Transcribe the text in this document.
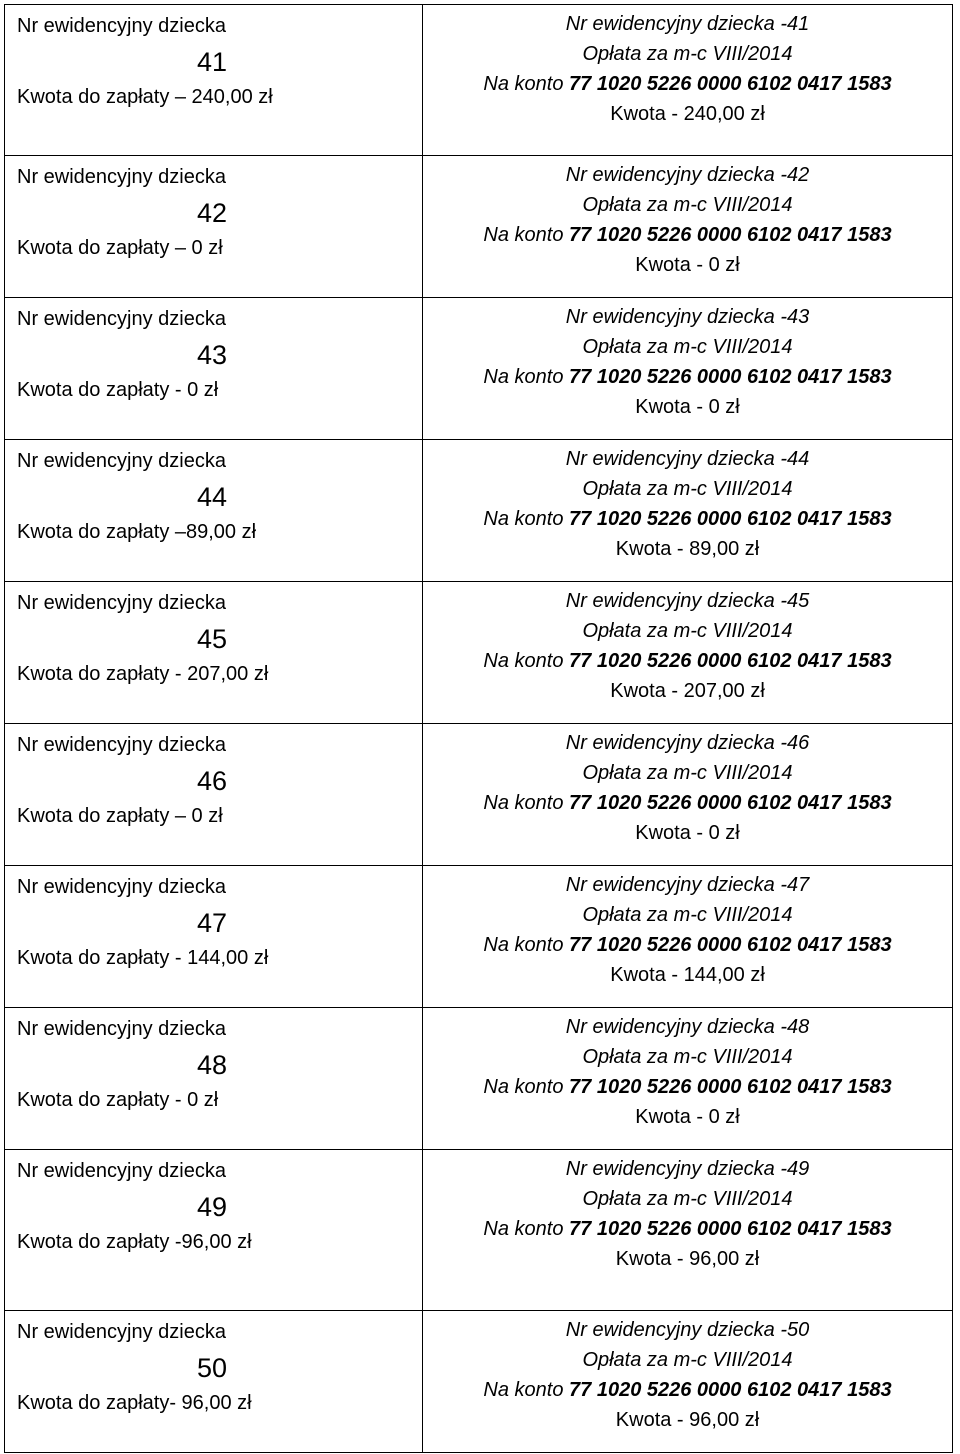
Nr ewidencyjny dziecka
41
Kwota do zapłaty – 240,00 zł	Nr ewidencyjny dziecka -41
Opłata za m-c VIII/2014
Na konto 77 1020 5226 0000 6102 0417 1583
Kwota - 240,00 zł

Nr ewidencyjny dziecka
42
Kwota do zapłaty – 0 zł	Nr ewidencyjny dziecka -42
Opłata za m-c VIII/2014
Na konto 77 1020 5226 0000 6102 0417 1583
Kwota - 0 zł

Nr ewidencyjny dziecka
43
Kwota do zapłaty - 0 zł	Nr ewidencyjny dziecka -43
Opłata za m-c VIII/2014
Na konto 77 1020 5226 0000 6102 0417 1583
Kwota - 0 zł

Nr ewidencyjny dziecka
44
Kwota do zapłaty –89,00 zł	Nr ewidencyjny dziecka -44
Opłata za m-c VIII/2014
Na konto 77 1020 5226 0000 6102 0417 1583
Kwota - 89,00 zł

Nr ewidencyjny dziecka
45
Kwota do zapłaty - 207,00 zł	Nr ewidencyjny dziecka -45
Opłata za m-c VIII/2014
Na konto 77 1020 5226 0000 6102 0417 1583
Kwota - 207,00 zł

Nr ewidencyjny dziecka
46
Kwota do zapłaty – 0 zł	Nr ewidencyjny dziecka -46
Opłata za m-c VIII/2014
Na konto 77 1020 5226 0000 6102 0417 1583
Kwota - 0 zł

Nr ewidencyjny dziecka
47
Kwota do zapłaty - 144,00 zł	Nr ewidencyjny dziecka -47
Opłata za m-c VIII/2014
Na konto 77 1020 5226 0000 6102 0417 1583
Kwota - 144,00 zł

Nr ewidencyjny dziecka
48
Kwota do zapłaty - 0 zł	Nr ewidencyjny dziecka -48
Opłata za m-c VIII/2014
Na konto 77 1020 5226 0000 6102 0417 1583
Kwota - 0 zł

Nr ewidencyjny dziecka
49
Kwota do zapłaty -96,00 zł	Nr ewidencyjny dziecka -49
Opłata za m-c VIII/2014
Na konto 77 1020 5226 0000 6102 0417 1583
Kwota - 96,00 zł

Nr ewidencyjny dziecka
50
Kwota do zapłaty- 96,00 zł	Nr ewidencyjny dziecka -50
Opłata za m-c VIII/2014
Na konto 77 1020 5226 0000 6102 0417 1583
Kwota - 96,00 zł
